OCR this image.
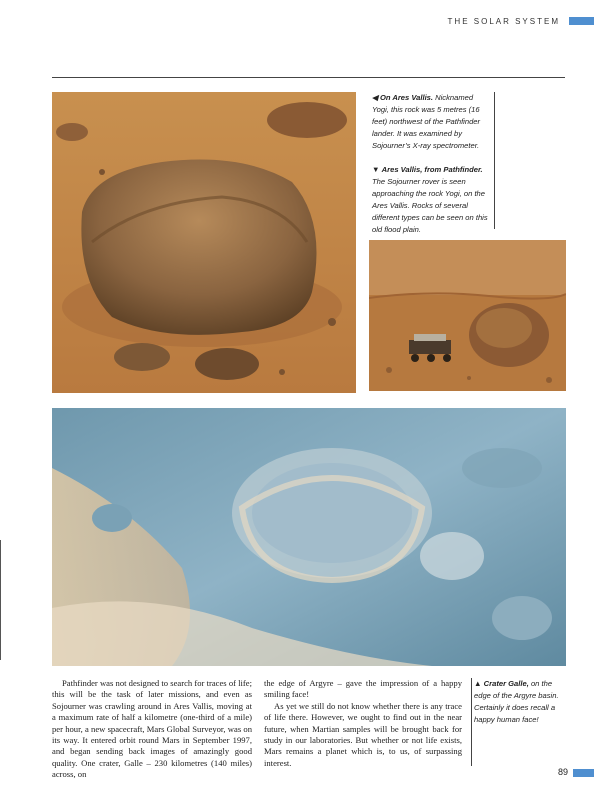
THE SOLAR SYSTEM

◀ On Ares Vallis. Nicknamed Yogi, this rock was 5 metres (16 feet) northwest of the Pathfinder lander. It was examined by Sojourner’s X-ray spectrometer.

▼ Ares Vallis, from Pathfinder. The Sojourner rover is seen approaching the rock Yogi, on the Ares Vallis. Rocks of several different types can be seen on this old flood plain.

Pathfinder was not designed to search for traces of life; this will be the task of later missions, and even as Sojourner was crawling around in Ares Vallis, moving at a maximum rate of half a kilometre (one-third of a mile) per hour, a new spacecraft, Mars Global Surveyor, was on its way. It entered orbit round Mars in September 1997, and began sending back images of amazingly good quality. One crater, Galle – 230 kilometres (140 miles) across, on

the edge of Argyre – gave the impression of a happy smiling face!

As yet we still do not know whether there is any trace of life there. However, we ought to find out in the near future, when Martian samples will be brought back for study in our laboratories. But whether or not life exists, Mars remains a planet which is, to us, of surpassing interest.

▲ Crater Galle, on the edge of the Argyre basin. Certainly it does recall a happy human face!

89
